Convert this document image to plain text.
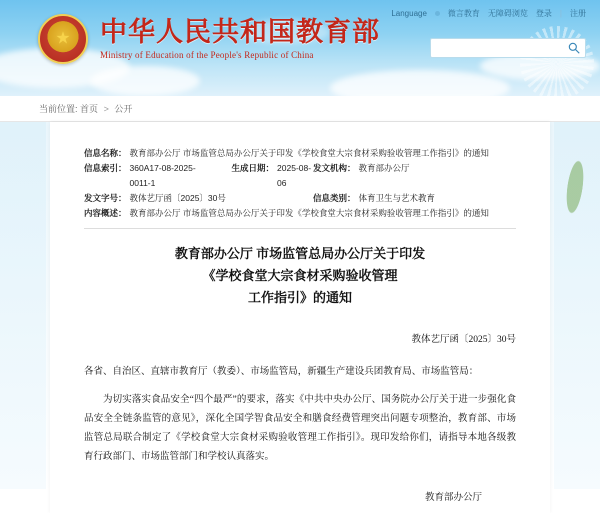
Language	微言教育 无障碍浏览 登录 | 注册
★
中华人民共和国教育部
Ministry of Education of the People's Republic of China
当前位置: 首页 > 公开
信息名称： 教育部办公厅 市场监管总局办公厅关于印发《学校食堂大宗食材采购验收管理工作指引》的通知
信息索引： 360A17-08-2025-0011-1
生成日期： 2025-08-06
发文机构： 教育部办公厅
发文字号： 教体艺厅函〔2025〕30号	信息类别： 体育卫生与艺术教育
内容概述： 教育部办公厅 市场监管总局办公厅关于印发《学校食堂大宗食材采购验收管理工作指引》的通知
教育部办公厅 市场监管总局办公厅关于印发
《学校食堂大宗食材采购验收管理
工作指引》的通知
教体艺厅函〔2025〕30号
各省、自治区、直辖市教育厅（教委）、市场监管局，新疆生产建设兵团教育局、市场监管局：
为切实落实食品安全“四个最严”的要求，落实《中共中央办公厅、国务院办公厅关于进一步强化食品安全全链条监管的意见》，深化全国学智食品安全和膳食经费管理突出问题专项整治，教育部、市场监管总局联合制定了《学校食堂大宗食材采购验收管理工作指引》。现印发给你们，请指导本地各级教育行政部门、市场监管部门和学校认真落实。
教育部办公厅
